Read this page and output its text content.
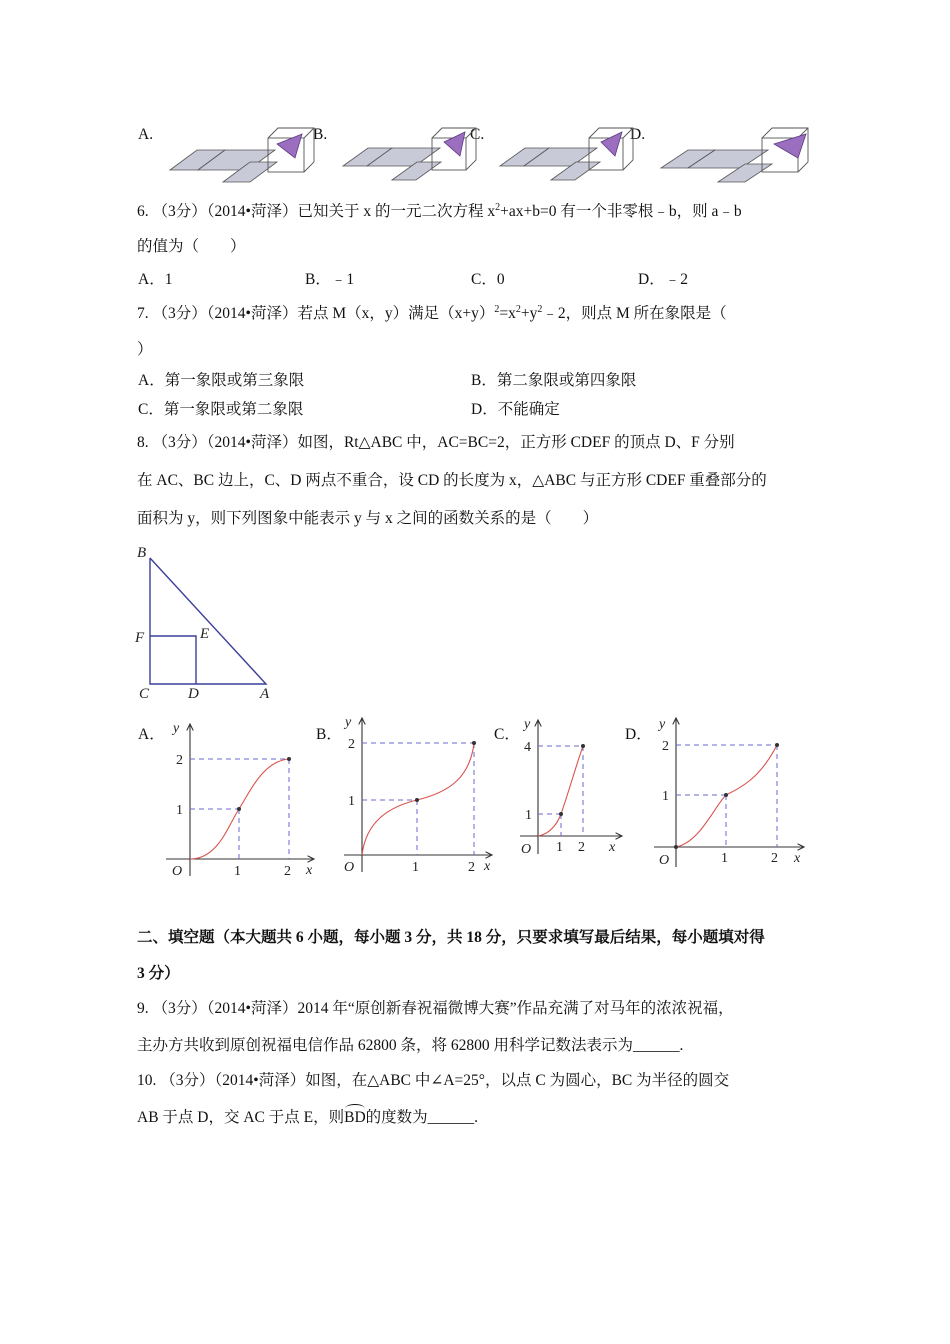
A.	B.	C.	D.
6. （3分）（2014•菏泽）已知关于 x 的一元二次方程 $x^2+ax+b=0$ 有一个非零根﹣b，则 a﹣b
的值为（　　）
A．1	B．﹣1	C．0	D．﹣2
7. （3分）（2014•菏泽）若点 M（x，y）满足$(x+y)^2=x^2+y^2﹣2$，则点 M 所在象限是（
）
A．第一象限或第三象限	B．第二象限或第四象限
C．第一象限或第二象限	D．不能确定
8. （3分）（2014•菏泽）如图，Rt△ABC 中，AC=BC=2，正方形 CDEF 的顶点 D、F 分别
在 AC、BC 边上，C、D 两点不重合，设 CD 的长度为 x，△ABC 与正方形 CDEF 重叠部分的
面积为 y，则下列图象中能表示 y 与 x 之间的函数关系的是（　　）
B
F	E
C	D	A
A．	B．	C．	D．
y
x
O	1	2
1
2
y
x
O	1	2
1
2
y
x
O 1 2
1
4
y
x
O	1	2
1
2
二、填空题（本大题共 6 小题，每小题 3 分，共 18 分，只要求填写最后结果，每小题填对得
3 分）
9. （3分）（2014•菏泽）2014 年“原创新春祝福微博大赛”作品充满了对马年的浓浓祝福，
主办方共收到原创祝福电信作品 62800 条，将 62800 用科学记数法表示为______.
10. （3分）（2014•菏泽）如图，在△ABC 中∠A=25°，以点 C 为圆心，BC 为半径的圆交
AB 于点 D，交 AC 于点 E，则BD的度数为______.
